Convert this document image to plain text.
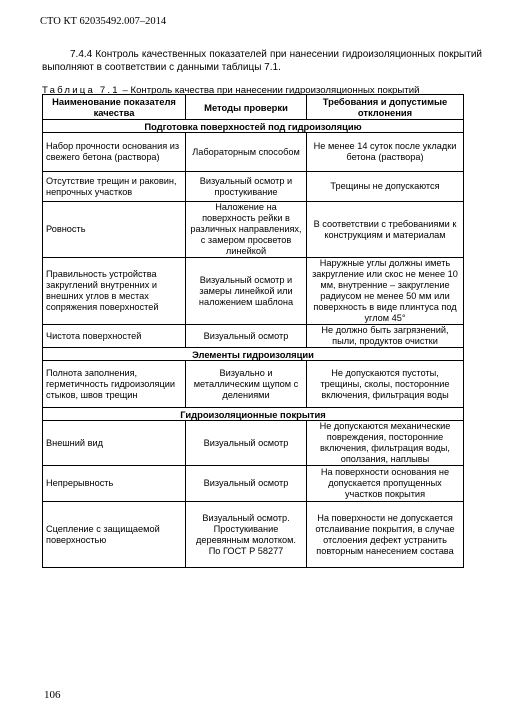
СТО КТ 62035492.007–2014

7.4.4 Контроль качественных показателей при нанесении гидроизоляционных покрытий выполняют в соответствии с данными таблицы 7.1.

Таблица 7.1 – Контроль качества при нанесении гидроизоляционных покрытий
Наименование показателя качества	Методы проверки	Требования и допустимые отклонения
Подготовка поверхностей под гидроизоляцию		
Набор прочности основания из свежего бетона (раствора)	Лабораторным способом	Не менее 14 суток после укладки бетона (раствора)
Отсутствие трещин и раковин, непрочных участков	Визуальный осмотр и простукивание	Трещины не допускаются
Ровность	Наложение на поверхность рейки в различных направлениях, с замером просветов линейкой	В соответствии с требованиями к конструкциям и материалам
Правильность устройства закруглений внутренних и внешних углов в местах сопряжения поверхностей	Визуальный осмотр и замеры линейкой или наложением шаблона	Наружные углы должны иметь закругление или скос не менее 10 мм, внутренние – закругление радиусом не менее 50 мм или поверхность в виде плинтуса под углом 45°
Чистота поверхностей	Визуальный осмотр	Не должно быть загрязнений, пыли, продуктов очистки
Элементы гидроизоляции		
Полнота заполнения, герметичность гидроизоляции стыков, швов трещин	Визуально и металлическим щупом с делениями	Не допускаются пустоты, трещины, сколы, посторонние включения, фильтрация воды
Гидроизоляционные покрытия		
Внешний вид	Визуальный осмотр	Не допускаются механические повреждения, посторонние включения, фильтрация воды, оползания, наплывы
Непрерывность	Визуальный осмотр	На поверхности основания не допускается пропущенных участков покрытия
Сцепление с защищаемой поверхностью	Визуальный осмотр. Простукивание деревянным молотком. По ГОСТ Р 58277	На поверхности не допускается отслаивание покрытия, в случае отслоения дефект устранить повторным нанесением состава
106
